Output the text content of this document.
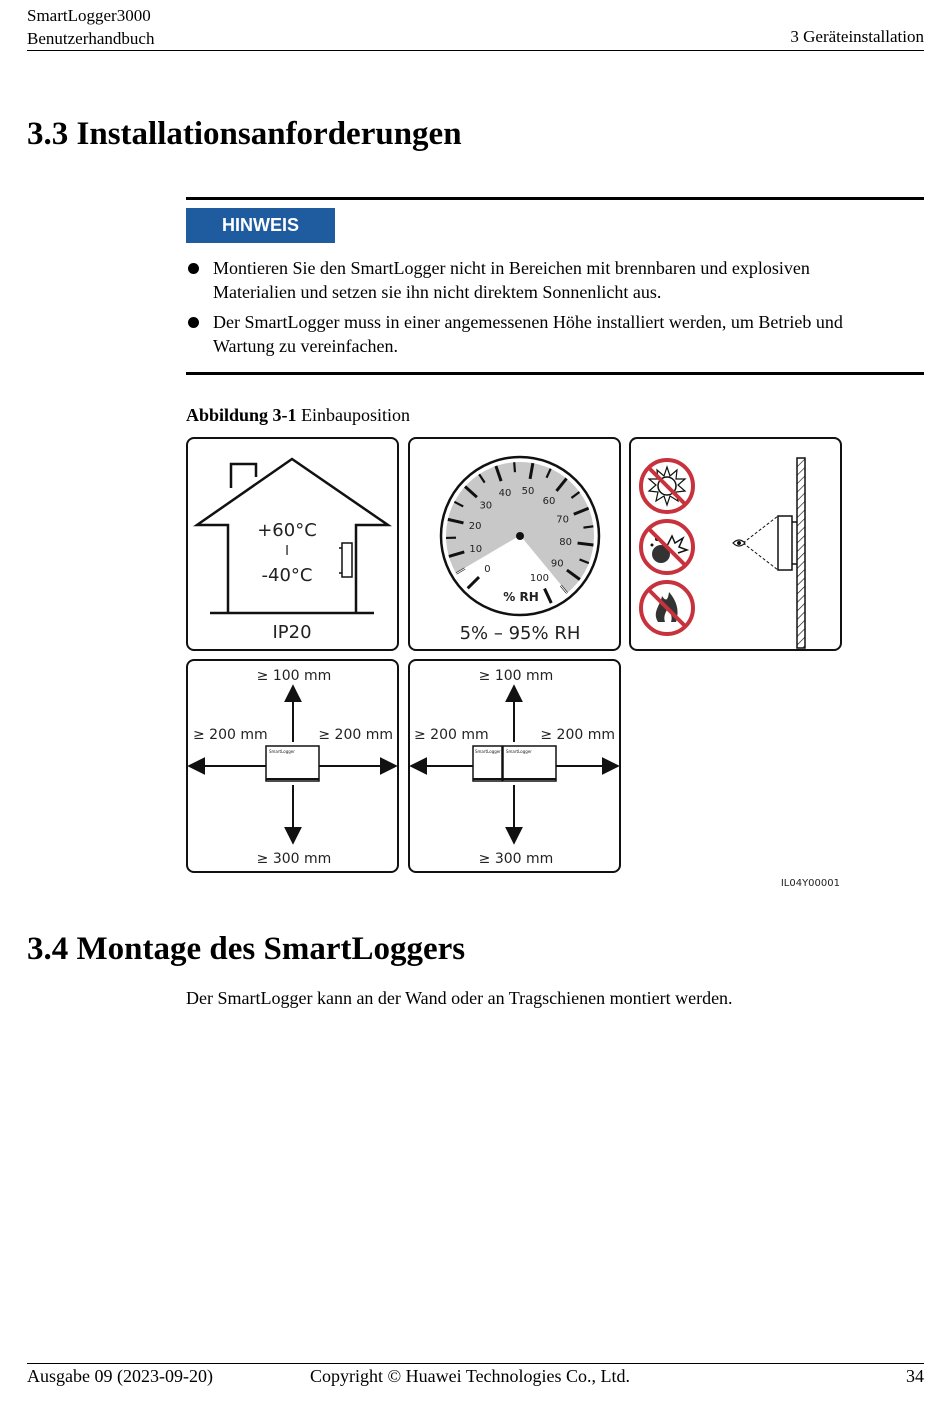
SmartLogger3000
Benutzerhandbuch	3 Geräteinstallation
3.3 Installationsanforderungen
HINWEIS
Montieren Sie den SmartLogger nicht in Bereichen mit brennbaren und explosiven
Materialien und setzen sie ihn nicht direktem Sonnenlicht aus.
Der SmartLogger muss in einer angemessenen Höhe installiert werden, um Betrieb und
Wartung zu vereinfachen.
Abbildung 3-1 Einbauposition
+60°C
I
-40°C
IP20
0
10
20
30
40 50
60
70
80
90
100
% RH
5% – 95% RH
SmartLogger
≥ 100 mm
≥ 200 mm	≥ 200 mm
≥ 300 mm
SmartLogger SmartLogger
≥ 100 mm
≥ 200 mm	≥ 200 mm
≥ 300 mm
IL04Y00001
3.4 Montage des SmartLoggers
Der SmartLogger kann an der Wand oder an Tragschienen montiert werden.
Ausgabe 09 (2023-09-20)	Copyright © Huawei Technologies Co., Ltd.	34
